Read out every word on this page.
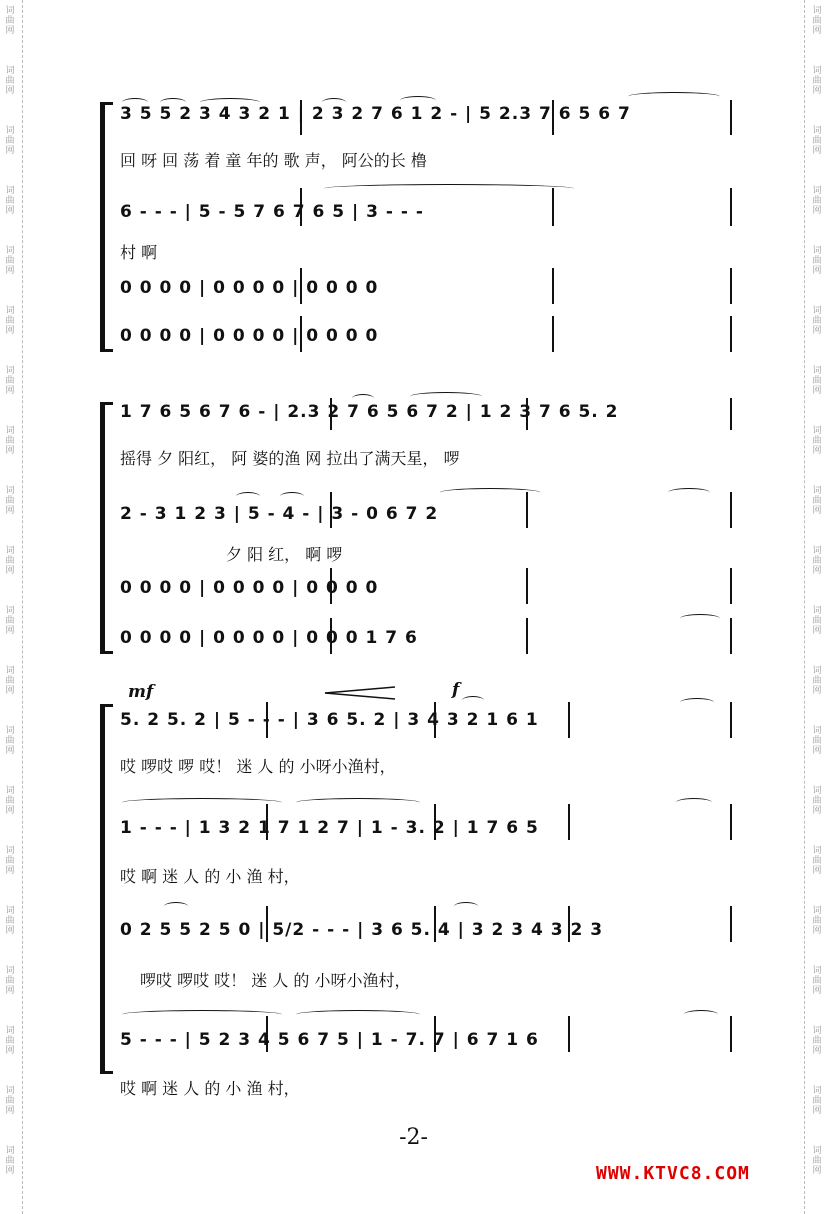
词曲网
词曲网
词曲网
词曲网
词曲网
词曲网
词曲网
词曲网
词曲网
词曲网
词曲网
词曲网
词曲网
词曲网
词曲网
词曲网
词曲网
词曲网
词曲网
词曲网
词曲网
词曲网
词曲网
词曲网
词曲网
词曲网
词曲网
词曲网
词曲网
词曲网
词曲网
词曲网
词曲网
词曲网
词曲网
词曲网
词曲网
词曲网
词曲网
词曲网
3 5 5 2 3 4 3 2 1 | 2 3 2 7 6 1 2 - | 5 2.3 7 6 5 6 7
回 呀 回 荡 着 童 年的 歌 声， 阿公的长 橹
6 - - - | 5 - 5 7 6 7 6 5 | 3 - - -
村 啊
0 0 0 0 | 0 0 0 0 | 0 0 0 0
0 0 0 0 | 0 0 0 0 | 0 0 0 0
1 7 6 5 6 7 6 - | 2.3 2 7 6 5 6 7 2 | 1 2 3 7 6 5. 2
摇得 夕 阳红， 阿 婆的渔 网 拉出了满天星， 啰
2 - 3 1 2 3 | 5 - 4 - | 3 - 0 6 7 2
夕 阳 红， 啊 啰
0 0 0 0 | 0 0 0 0 | 0 0 0 0
0 0 0 0 | 0 0 0 0 | 0 0 0 1 7 6
mf	f
5. 2 5. 2 | 5 - - - | 3 6 5. 2 | 3 4 3 2 1 6 1
哎 啰哎 啰 哎！ 迷 人 的 小呀小渔村，
1 - - - | 1 3 2 1 7 1 2 7 | 1 - 3. 2 | 1 7 6 5
哎 啊 迷 人 的 小 渔 村，
0 2 5 5 2 5 0 | 5/2 - - - | 3 6 5. 4 | 3 2 3 4 3 2 3
啰哎 啰哎 哎！ 迷 人 的 小呀小渔村，
5 - - - | 5 2 3 4 5 6 7 5 | 1 - 7. 7 | 6 7 1 6
哎 啊 迷 人 的 小 渔 村，
-2-
WWW.KTVC8.COM
